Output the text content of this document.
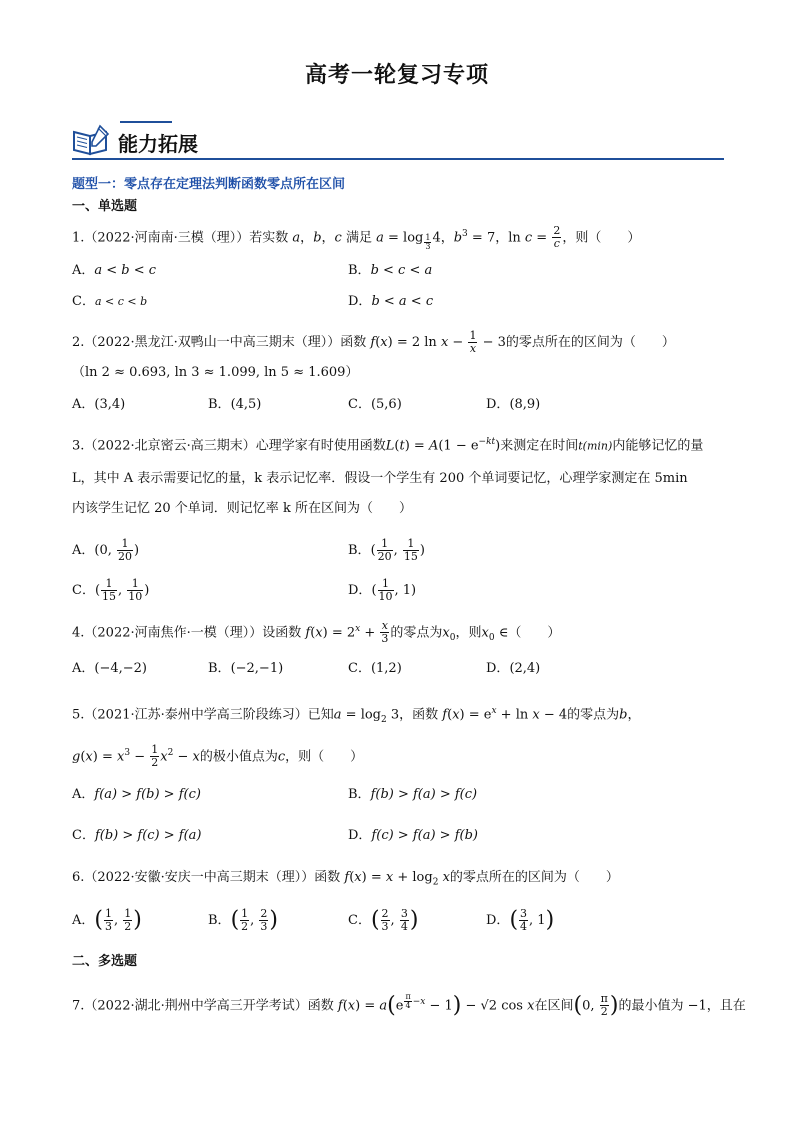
高考一轮复习专项
能力拓展
题型一：零点存在定理法判断函数零点所在区间
一、单选题
1.（2022·河南南·三模（理））若实数 a，b，c 满足 a = log $_{\frac{1}{3}}$ 4，$b^3 = 7$，$\ln c = \frac{2}{c}$ ，则（　　）
A．a < b < c	B．b < c < a
C．a < c < b	D．b < a < c
2.（2022·黑龙江·双鸭山一中高三期末（理））函数 f(x) = 2 $\ln x - \frac{1}{x} - 3$的零点所在的区间为（　　）
（ln 2 ≈ 0.693, ln 3 ≈ 1.099, ln 5 ≈ 1.609）
A．(3,4)	B．(4,5)	C．(5,6)	D．(8,9)
3.（2022·北京密云·高三期末）心理学家有时使用函数$L(t) = A(1 - e^{-kt})$来测定在时间t(min)内能够记忆的量
L，其中 A 表示需要记忆的量，k 表示记忆率．假设一个学生有 200 个单词要记忆，心理学家测定在 5min
内该学生记忆 20 个单词．则记忆率 k 所在区间为（　　）
A．(0, $\frac{1}{20}$ )	B．( $\frac{1}{20}$ , $\frac{1}{15}$ )
C．( $\frac{1}{15}$ , $\frac{1}{10}$ )	D．( $\frac{1}{10}$ , 1)
4.（2022·河南焦作·一模（理））设函数 $f(x) = 2^x + \frac{x}{3}$ 的零点为$x_0$，则$x_0$ ∈（　　）
A．(−4,−2)	B．(−2,−1)	C．(1,2)	D．(2,4)
5.（2021·江苏·泰州中学高三阶段练习）已知$a = \log_2 3$，函数 $f(x) = e^x + \ln x - 4$的零点为b，
$g(x) = x^3 - \frac{1}{2} x^2 - x$的极小值点为c，则（　　）
A．f(a) > f(b) > f(c)	B．f(b) > f(a) > f(c)
C．f(b) > f(c) > f(a)	D．f(c) > f(a) > f(b)
6.（2022·安徽·安庆一中高三期末（理））函数 $f(x) = x + \log_2 x$的零点所在的区间为（　　）
A．( $\frac{1}{3}$ , $\frac{1}{2}$ )	B．( $\frac{1}{2}$ , $\frac{2}{3}$ )	C．( $\frac{2}{3}$ , $\frac{3}{4}$ )	D．( $\frac{3}{4}$ , 1)
二、多选题
7.（2022·湖北·荆州中学高三开学考试）函数 f(x) = a(e $^{\frac{\pi}{4} -x}$ − 1) − √2 cos x在区间(0, $\frac{\pi}{2}$ )的最小值为 −1，且在
